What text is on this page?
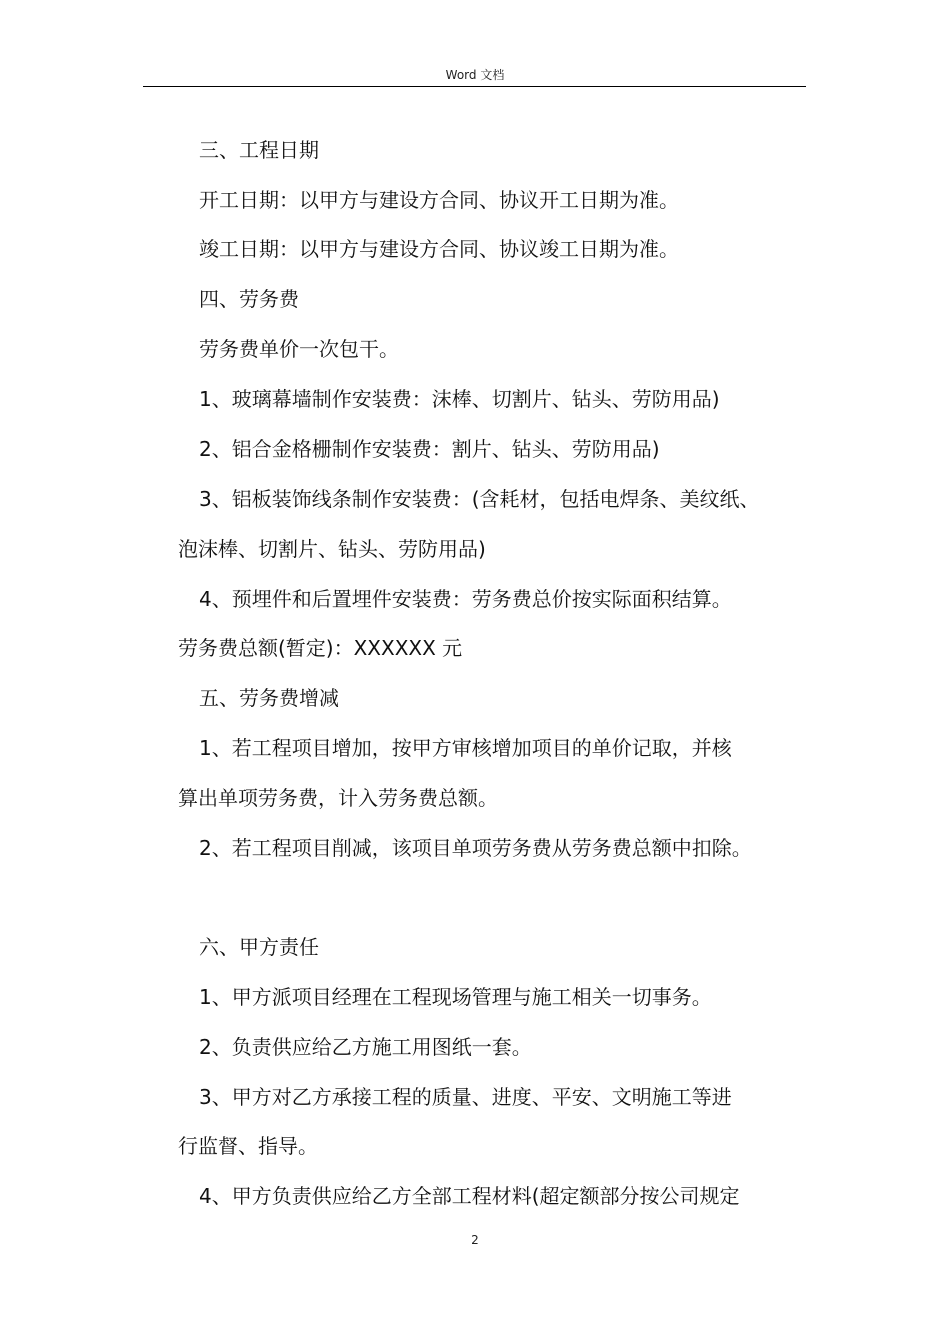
Word 文档
三、工程日期
开工日期：以甲方与建设方合同、协议开工日期为准。
竣工日期：以甲方与建设方合同、协议竣工日期为准。
四、劳务费
劳务费单价一次包干。
1、玻璃幕墙制作安装费：沫棒、切割片、钻头、劳防用品)
2、铝合金格栅制作安装费：割片、钻头、劳防用品)
3、铝板装饰线条制作安装费：(含耗材，包括电焊条、美纹纸、
泡沫棒、切割片、钻头、劳防用品)
4、预埋件和后置埋件安装费：劳务费总价按实际面积结算。
劳务费总额(暂定)：XXXXXX 元
五、劳务费增减
1、若工程项目增加，按甲方审核增加项目的单价记取，并核
算出单项劳务费，计入劳务费总额。
2、若工程项目削减，该项目单项劳务费从劳务费总额中扣除。
六、甲方责任
1、甲方派项目经理在工程现场管理与施工相关一切事务。
2、负责供应给乙方施工用图纸一套。
3、甲方对乙方承接工程的质量、进度、平安、文明施工等进
行监督、指导。
4、甲方负责供应给乙方全部工程材料(超定额部分按公司规定
2
